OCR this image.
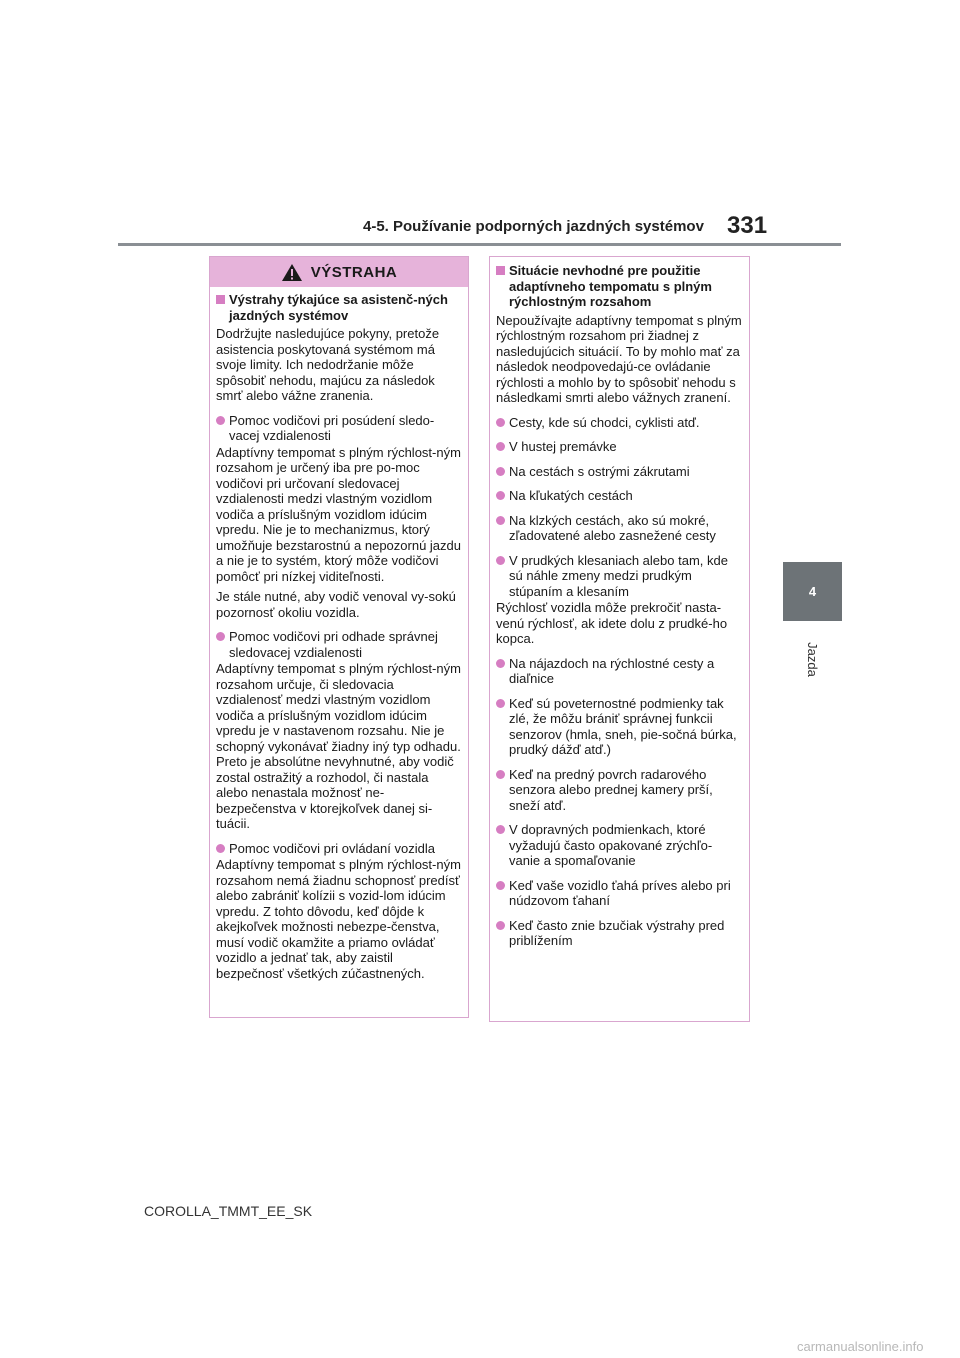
4-5. Používanie podporných jazdných systémov 331
4
Jazda
VÝSTRAHA
Výstrahy týkajúce sa asistenč-ných jazdných systémov
Dodržujte nasledujúce pokyny, pretože asistencia poskytovaná systémom má svoje limity. Ich nedodržanie môže spôsobiť nehodu, majúcu za následok smrť alebo vážne zranenia.
Pomoc vodičovi pri posúdení sledo-vacej vzdialenosti
Adaptívny tempomat s plným rýchlost-ným rozsahom je určený iba pre po-moc vodičovi pri určovaní sledovacej vzdialenosti medzi vlastným vozidlom vodiča a príslušným vozidlom idúcim vpredu. Nie je to mechanizmus, ktorý umožňuje bezstarostnú a nepozornú jazdu a nie je to systém, ktorý môže vodičovi pomôcť pri nízkej viditeľnosti.
Je stále nutné, aby vodič venoval vy-sokú pozornosť okoliu vozidla.
Pomoc vodičovi pri odhade správnej sledovacej vzdialenosti
Adaptívny tempomat s plným rýchlost-ným rozsahom určuje, či sledovacia vzdialenosť medzi vlastným vozidlom vodiča a príslušným vozidlom idúcim vpredu je v nastavenom rozsahu. Nie je schopný vykonávať žiadny iný typ odhadu. Preto je absolútne nevyhnutné, aby vodič zostal ostražitý a rozhodol, či nastala alebo nenastala možnosť ne-bezpečenstva v ktorejkoľvek danej si-tuácii.
Pomoc vodičovi pri ovládaní vozidla
Adaptívny tempomat s plným rýchlost-ným rozsahom nemá žiadnu schopnosť predísť alebo zabrániť kolízii s vozid-lom idúcim vpredu. Z tohto dôvodu, keď dôjde k akejkoľvek možnosti nebezpe-čenstva, musí vodič okamžite a priamo ovládať vozidlo a jednať tak, aby zaistil bezpečnosť všetkých zúčastnených.
Situácie nevhodné pre použitie adaptívneho tempomatu s plným rýchlostným rozsahom
Nepoužívajte adaptívny tempomat s plným rýchlostným rozsahom pri žiadnej z nasledujúcich situácií. To by mohlo mať za následok neodpovedajú-ce ovládanie rýchlosti a mohlo by to spôsobiť nehodu s následkami smrti alebo vážnych zranení.
Cesty, kde sú chodci, cyklisti atď.
V hustej premávke
Na cestách s ostrými zákrutami
Na kľukatých cestách
Na klzkých cestách, ako sú mokré, zľadovatené alebo zasnežené cesty
V prudkých klesaniach alebo tam, kde sú náhle zmeny medzi prudkým stúpaním a klesaním
Rýchlosť vozidla môže prekročiť nasta-venú rýchlosť, ak idete dolu z prudké-ho kopca.
Na nájazdoch na rýchlostné cesty a diaľnice
Keď sú poveternostné podmienky tak zlé, že môžu brániť správnej funkcii senzorov (hmla, sneh, pie-sočná búrka, prudký dážď atď.)
Keď na predný povrch radarového senzora alebo prednej kamery prší, sneží atď.
V dopravných podmienkach, ktoré vyžadujú často opakované zrýchľo-vanie a spomaľovanie
Keď vaše vozidlo ťahá príves alebo pri núdzovom ťahaní
Keď často znie bzučiak výstrahy pred priblížením
COROLLA_TMMT_EE_SK
carmanualsonline.info
